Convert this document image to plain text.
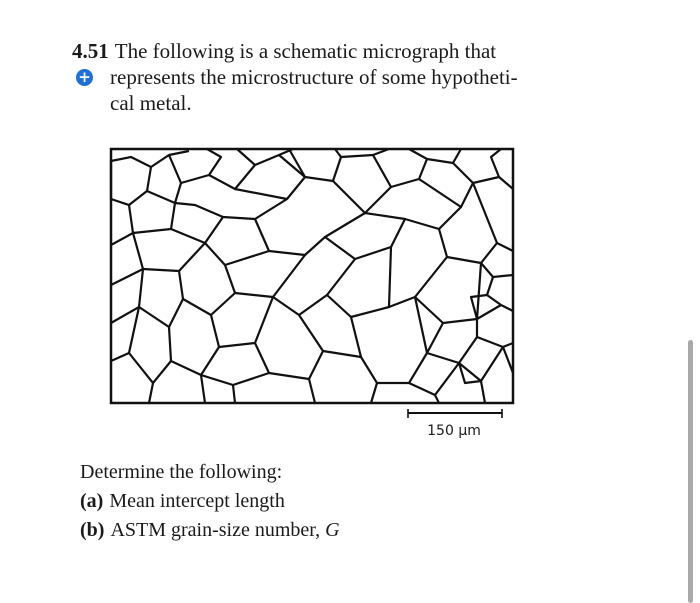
4.51 The following is a schematic micrograph that
represents the microstructure of some hypotheti-
cal metal.
+
150 μm
Determine the following:
(a) Mean intercept length
(b) ASTM grain-size number, G
